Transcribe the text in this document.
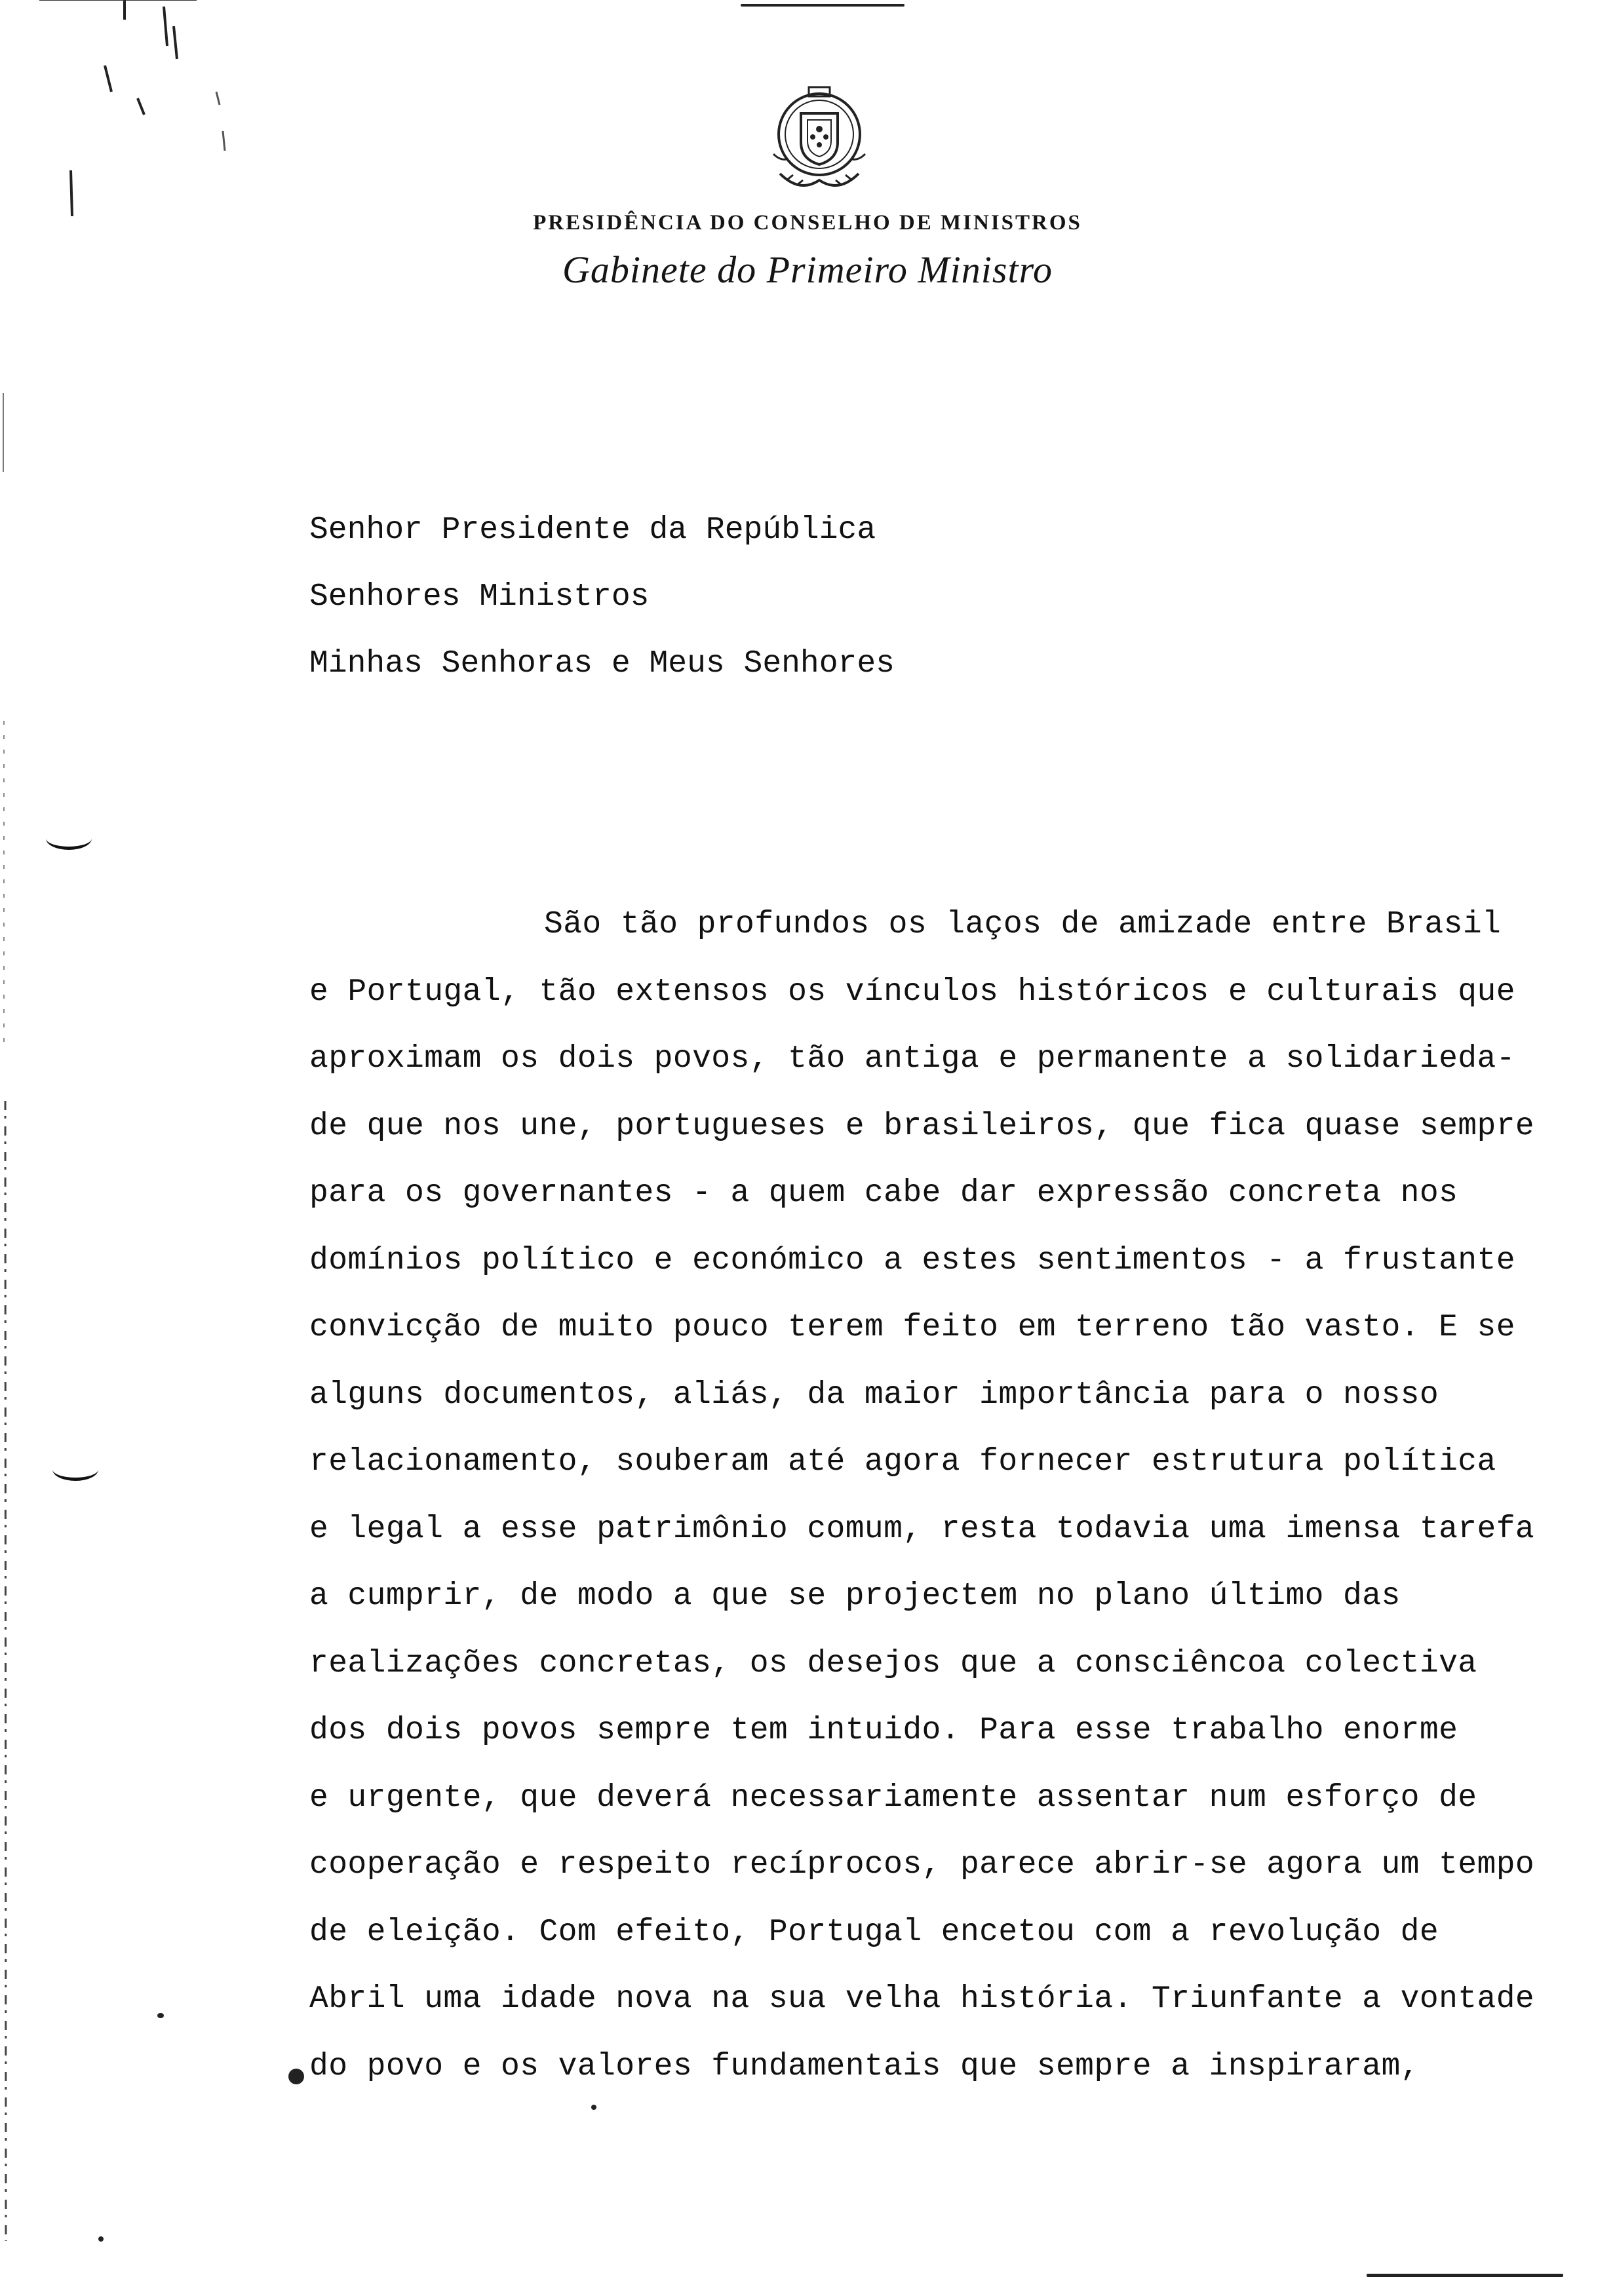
PRESIDÊNCIA DO CONSELHO DE MINISTROS
Gabinete do Primeiro Ministro
Senhor Presidente da República
Senhores Ministros
Minhas Senhoras e Meus Senhores
São tão profundos os laços de amizade entre Brasil
e Portugal, tão extensos os vínculos históricos e culturais que
aproximam os dois povos, tão antiga e permanente a solidarieda-
de que nos une, portugueses e brasileiros, que fica quase sempre
para os governantes - a quem cabe dar expressão concreta nos
domínios político e económico a estes sentimentos - a frustante
convicção de muito pouco terem feito em terreno tão vasto. E se
alguns documentos, aliás, da maior importância para o nosso
relacionamento, souberam até agora fornecer estrutura política
e legal a esse patrimônio comum, resta todavia uma imensa tarefa
a cumprir, de modo a que se projectem no plano último das
realizações concretas, os desejos que a consciêncoa colectiva
dos dois povos sempre tem intuido. Para esse trabalho enorme
e urgente, que deverá necessariamente assentar num esforço de
cooperação e respeito recíprocos, parece abrir-se agora um tempo
de eleição. Com efeito, Portugal encetou com a revolução de
Abril uma idade nova na sua velha história. Triunfante a vontade
do povo e os valores fundamentais que sempre a inspiraram,
